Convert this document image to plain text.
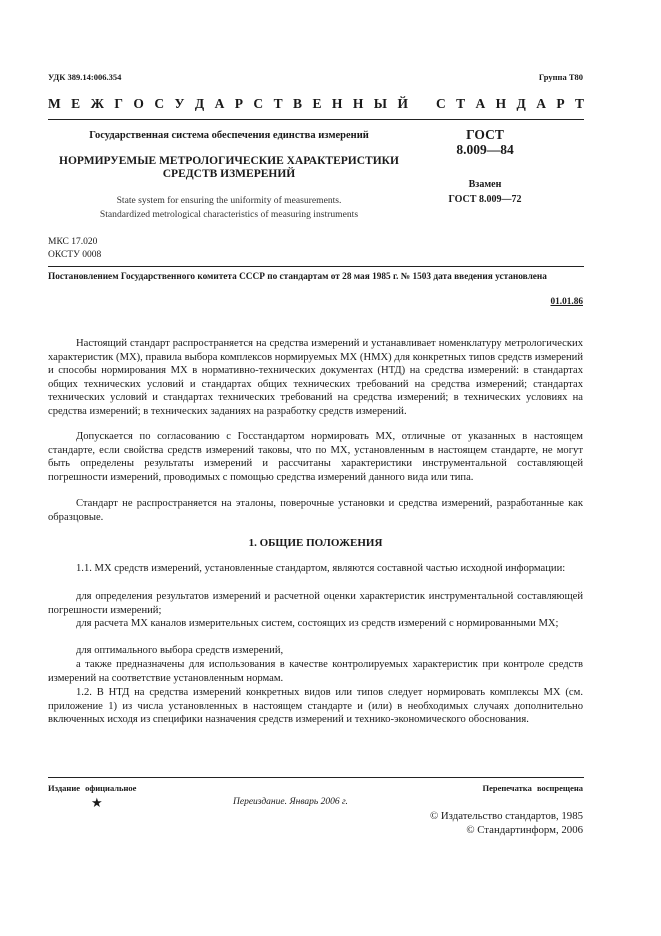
УДК 389.14:006.354	Группа Т80
М Е Ж Г О С У Д А Р С Т В Е Н Н Ы Й С Т А Н Д А Р Т
Государственная система обеспечения единства измерений
НОРМИРУЕМЫЕ МЕТРОЛОГИЧЕСКИЕ ХАРАКТЕРИСТИКИ
СРЕДСТВ ИЗМЕРЕНИЙ
State system for ensuring the uniformity of measurements.
Standardized metrological characteristics of measuring instruments
ГОСТ
8.009—84
Взамен
ГОСТ 8.009—72
МКС 17.020
ОКСТУ 0008
Постановлением Государственного комитета СССР по стандартам от 28 мая 1985 г. № 1503 дата введения установлена
01.01.86
Настоящий стандарт распространяется на средства измерений и устанавливает номенклатуру метрологических характеристик (МХ), правила выбора комплексов нормируемых МХ (НМХ) для конкретных типов средств измерений и способы нормирования МХ в нормативно-технических документах (НТД) на средства измерений: в стандартах общих технических условий и стандартах общих технических требований на средства измерений; стандартах технических условий и стандартах технических требований на средства измерений; в технических условиях на средства измерений; в технических заданиях на разработку средств измерений.
Допускается по согласованию с Госстандартом нормировать МХ, отличные от указанных в настоящем стандарте, если свойства средств измерений таковы, что по МХ, установленным в настоящем стандарте, не могут быть определены результаты измерений и рассчитаны характеристики инструментальной составляющей погрешности измерений, проводимых с помощью средства измерений данного вида или типа.
Стандарт не распространяется на эталоны, поверочные установки и средства измерений, разработанные как образцовые.
1. ОБЩИЕ ПОЛОЖЕНИЯ
1.1. МХ средств измерений, установленные стандартом, являются составной частью исходной информации:
для определения результатов измерений и расчетной оценки характеристик инструментальной составляющей погрешности измерений;
для расчета МХ каналов измерительных систем, состоящих из средств измерений с нормированными МХ;
для оптимального выбора средств измерений,
а также предназначены для использования в качестве контролируемых характеристик при контроле средств измерений на соответствие установленным нормам.
1.2. В НТД на средства измерений конкретных видов или типов следует нормировать комплексы МХ (см. приложение 1) из числа установленных в настоящем стандарте и (или) в необходимых случаях дополнительно включенных исходя из специфики назначения средств измерений и технико-экономического обоснования.
Издание официальное	Перепечатка воспрещена
★	Переиздание. Январь 2006 г.
© Издательство стандартов, 1985
© Стандартинформ, 2006
